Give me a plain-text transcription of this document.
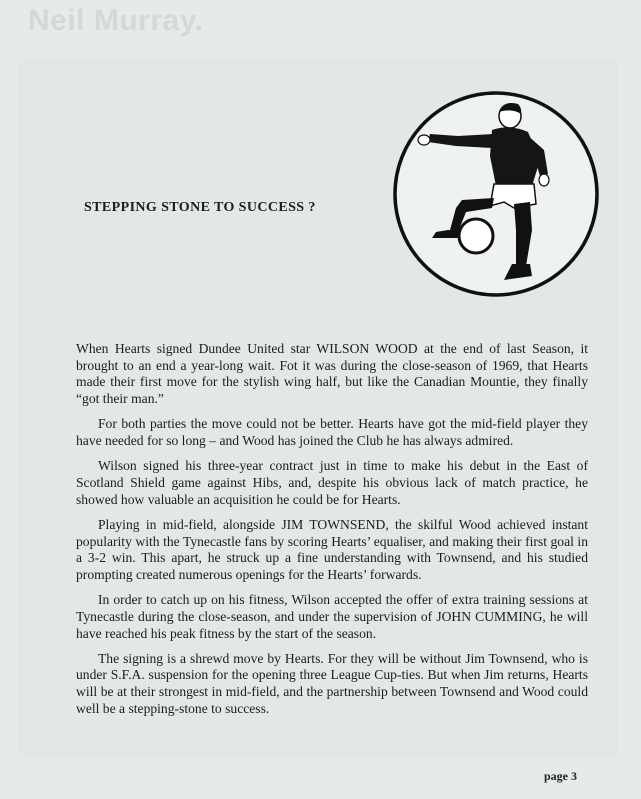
Neil Murray.
STEPPING STONE TO SUCCESS ?

When Hearts signed Dundee United star WILSON WOOD at the end of last Season, it brought to an end a year-long wait. Fot it was during the close-season of 1969, that Hearts made their first move for the stylish wing half, but like the Canadian Mountie, they finally “got their man.”

For both parties the move could not be better. Hearts have got the mid-field player they have needed for so long – and Wood has joined the Club he has always admired.

Wilson signed his three-year contract just in time to make his debut in the East of Scotland Shield game against Hibs, and, despite his obvious lack of match practice, he showed how valuable an acquisition he could be for Hearts.

Playing in mid-field, alongside JIM TOWNSEND, the skilful Wood achieved instant popularity with the Tynecastle fans by scoring Hearts’ equaliser, and making their first goal in a 3-2 win. This apart, he struck up a fine understanding with Townsend, and his studied prompting created numerous openings for the Hearts’ forwards.

In order to catch up on his fitness, Wilson accepted the offer of extra training sessions at Tynecastle during the close-season, and under the supervision of JOHN CUMMING, he will have reached his peak fitness by the start of the season.

The signing is a shrewd move by Hearts. For they will be without Jim Townsend, who is under S.F.A. suspension for the opening three League Cup-ties. But when Jim returns, Hearts will be at their strongest in mid-field, and the partnership between Townsend and Wood could well be a stepping-stone to success.

page 3
